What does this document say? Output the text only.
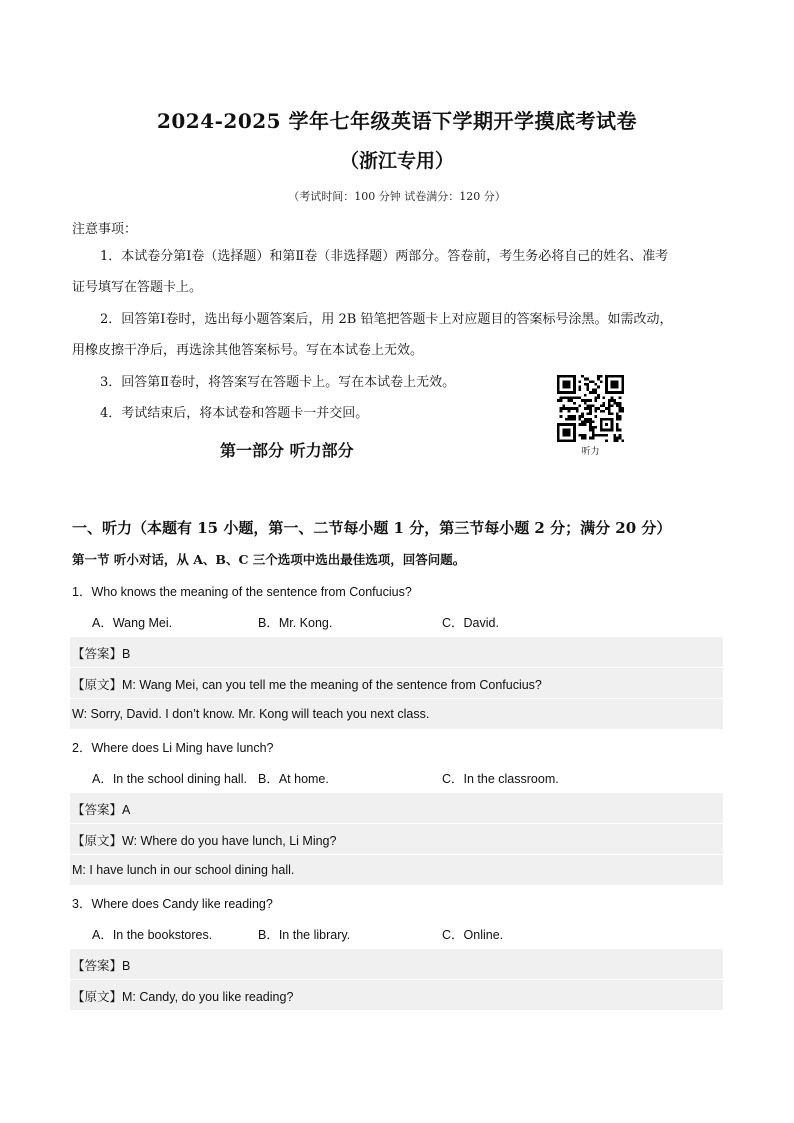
2024-2025 学年七年级英语下学期开学摸底考试卷
（浙江专用）
（考试时间：100 分钟 试卷满分：120 分）
注意事项：
1．本试卷分第Ⅰ卷（选择题）和第Ⅱ卷（非选择题）两部分。答卷前，考生务必将自己的姓名、准考
证号填写在答题卡上。
2．回答第Ⅰ卷时，选出每小题答案后，用 2B 铅笔把答题卡上对应题目的答案标号涂黑。如需改动，
用橡皮擦干净后，再选涂其他答案标号。写在本试卷上无效。
3．回答第Ⅱ卷时，将答案写在答题卡上。写在本试卷上无效。
4．考试结束后，将本试卷和答题卡一并交回。
听力
第一部分 听力部分
一、听力（本题有 15 小题，第一、二节每小题 1 分，第三节每小题 2 分；满分 20 分）
第一节 听小对话，从 A、B、C 三个选项中选出最佳选项，回答问题。
1．Who knows the meaning of the sentence from Confucius?
A．Wang Mei.	B．Mr. Kong.	C．David.
【答案】B
【原文】M: Wang Mei, can you tell me the meaning of the sentence from Confucius?
W: Sorry, David. I don’t know. Mr. Kong will teach you next class.
2．Where does Li Ming have lunch?
A．In the school dining hall. B．At home.	C．In the classroom.
【答案】A
【原文】W: Where do you have lunch, Li Ming?
M: I have lunch in our school dining hall.
3．Where does Candy like reading?
A．In the bookstores.	B．In the library.	C．Online.
【答案】B
【原文】M: Candy, do you like reading?
